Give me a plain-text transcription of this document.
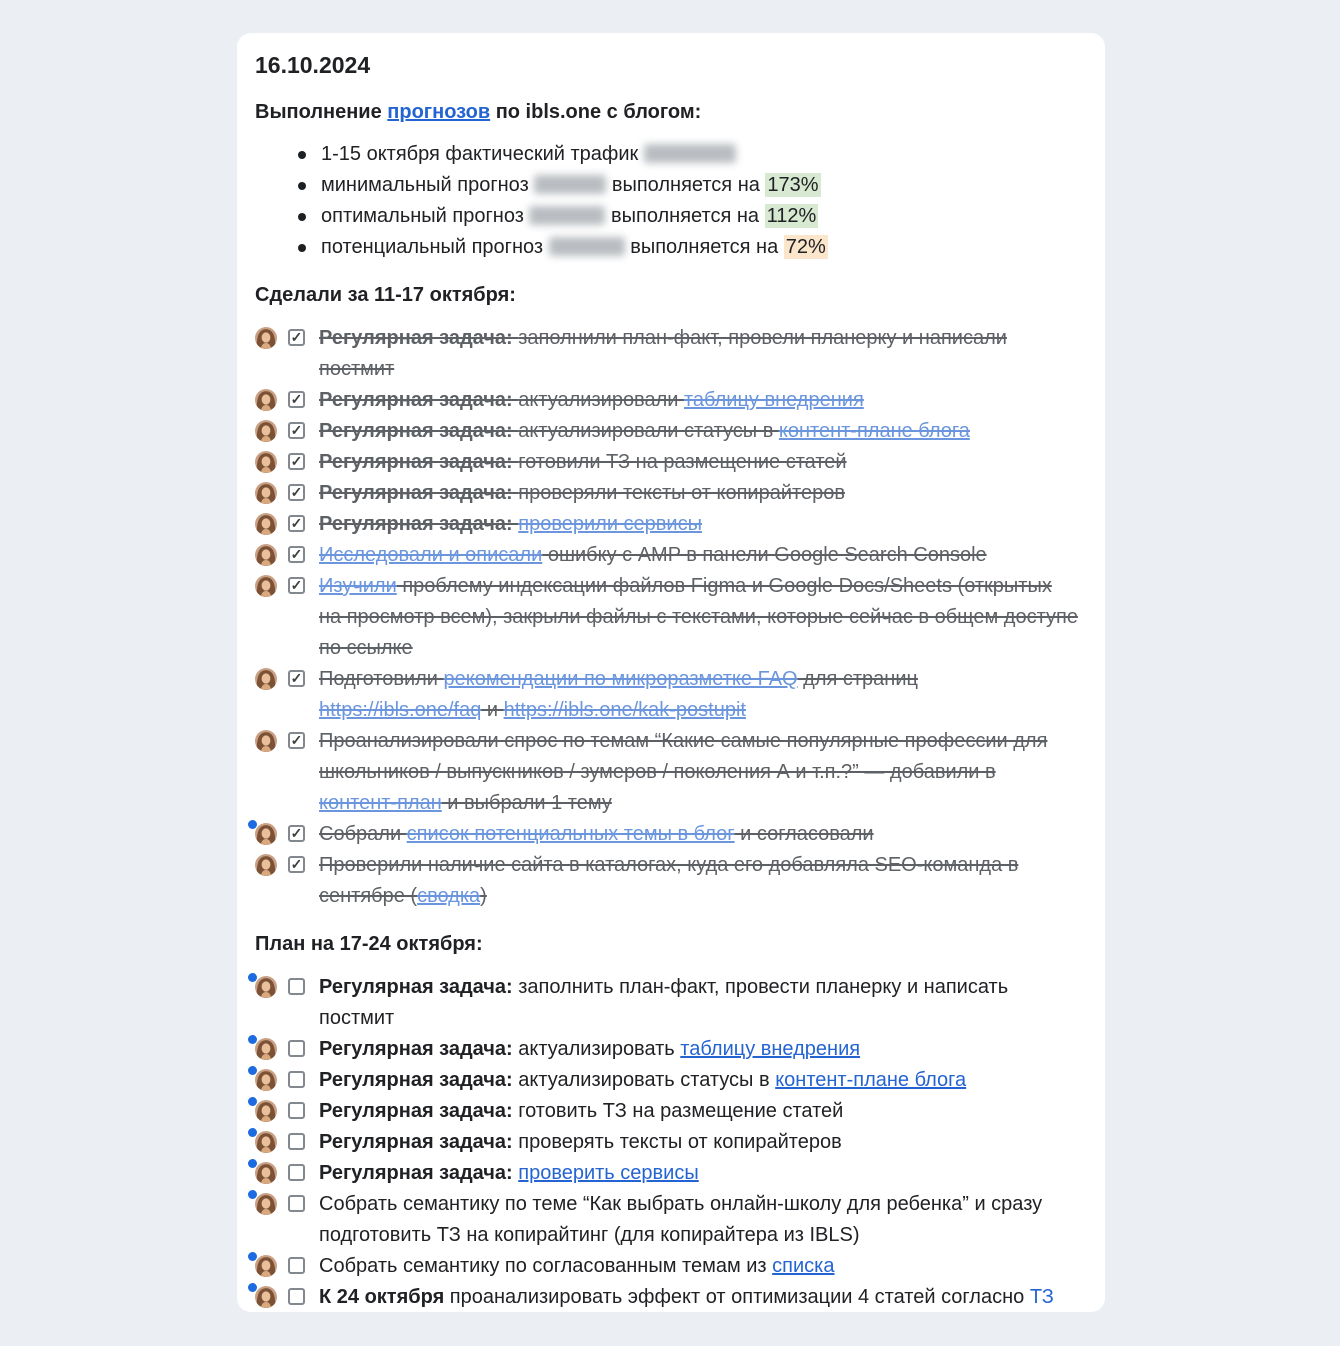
16.10.2024

Выполнение прогнозов по ibls.one с блогом:

1-15 октября фактический трафик
минимальный прогноз	выполняется на 173%
оптимальный прогноз	выполняется на 112%
потенциальный прогноз	выполняется на 72%
Сделали за 11-17 октября:
✓ Регулярная задача: заполнили план-факт, провели планерку и написали постмит
✓ Регулярная задача: актуализировали таблицу внедрения
✓ Регулярная задача: актуализировали статусы в контент-плане блога
✓ Регулярная задача: готовили ТЗ на размещение статей
✓ Регулярная задача: проверяли тексты от копирайтеров
✓ Регулярная задача: проверили сервисы
✓ Исследовали и описали ошибку с AMP в панели Google Search Console
✓ Изучили проблему индексации файлов Figma и Google Docs/Sheets (открытых на просмотр всем), закрыли файлы с текстами, которые сейчас в общем доступе по ссылке
✓ Подготовили рекомендации по микроразметке FAQ для страниц https://ibls.one/faq и https://ibls.one/kak-postupit
✓ Проанализировали спрос по темам “Какие самые популярные профессии для школьников / выпускников / зумеров / поколения А и т.п.?” — добавили в контент-план и выбрали 1 тему
✓ Собрали список потенциальных темы в блог и согласовали
✓ Проверили наличие сайта в каталогах, куда его добавляла SEO-команда в сентябре (сводка)
План на 17-24 октября:
Регулярная задача: заполнить план-факт, провести планерку и написать постмит
Регулярная задача: актуализировать таблицу внедрения
Регулярная задача: актуализировать статусы в контент-плане блога
Регулярная задача: готовить ТЗ на размещение статей
Регулярная задача: проверять тексты от копирайтеров
Регулярная задача: проверить сервисы
Собрать семантику по теме “Как выбрать онлайн-школу для ребенка” и сразу подготовить ТЗ на копирайтинг (для копирайтера из IBLS)
Собрать семантику по согласованным темам из списка
К 24 октября проанализировать эффект от оптимизации 4 статей согласно ТЗ
